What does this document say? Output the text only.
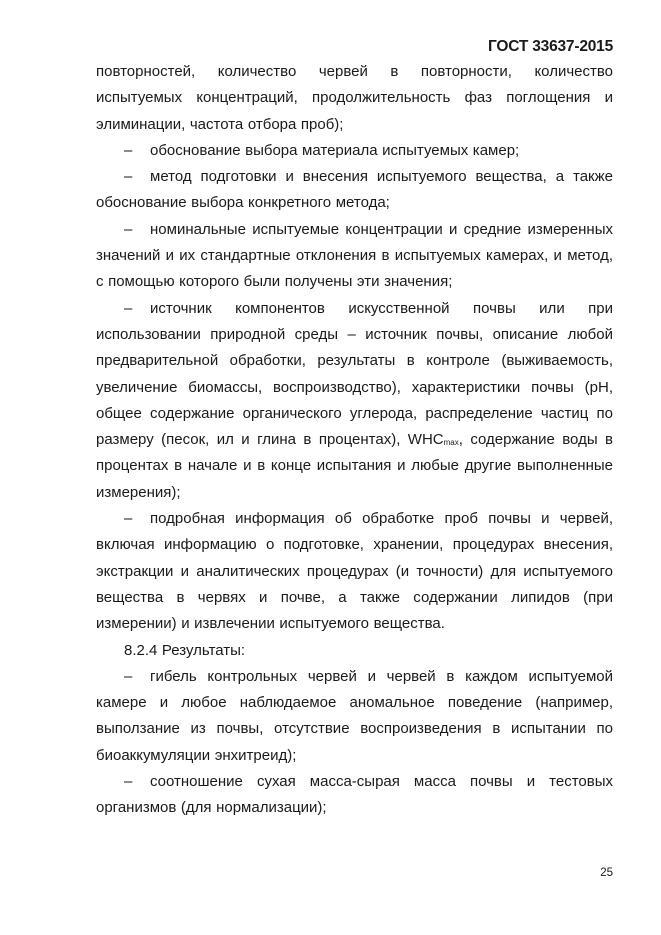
ГОСТ 33637-2015

повторностей, количество червей в повторности, количество испытуемых концентраций, продолжительность фаз поглощения и элиминации, частота отбора проб);

– обоснование выбора материала испытуемых камер;

– метод подготовки и внесения испытуемого вещества, а также обоснование выбора конкретного метода;

– номинальные испытуемые концентрации и средние измеренных значений и их стандартные отклонения в испытуемых камерах, и метод, с помощью которого были получены эти значения;

– источник компонентов искусственной почвы или при использовании природной среды – источник почвы, описание любой предварительной обработки, результаты в контроле (выживаемость, увеличение биомассы, воспроизводство), характеристики почвы (pH, общее содержание органического углерода, распределение частиц по размеру (песок, ил и глина в процентах), $WHC_{max}$, содержание воды в процентах в начале и в конце испытания и любые другие выполненные измерения);

– подробная информация об обработке проб почвы и червей, включая информацию о подготовке, хранении, процедурах внесения, экстракции и аналитических процедурах (и точности) для испытуемого вещества в червях и почве, а также содержании липидов (при измерении) и извлечении испытуемого вещества.

8.2.4 Результаты:

– гибель контрольных червей и червей в каждом испытуемой камере и любое наблюдаемое аномальное поведение (например, выползание из почвы, отсутствие воспроизведения в испытании по биоаккумуляции энхитреид);

– соотношение сухая масса-сырая масса почвы и тестовых организмов (для нормализации);

25
